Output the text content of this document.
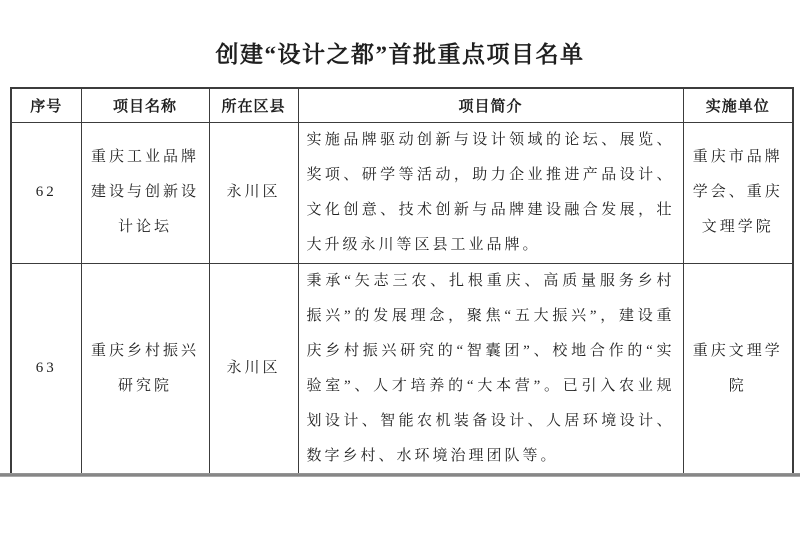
创建“设计之都”首批重点项目名单
序号	项目名称	所在区县	项目简介	实施单位
62	重庆工业品牌建设与创新设计论坛	永川区	实施品牌驱动创新与设计领域的论坛、展览、奖项、研学等活动，助力企业推进产品设计、文化创意、技术创新与品牌建设融合发展，壮大升级永川等区县工业品牌。	重庆市品牌学会、重庆文理学院
63	重庆乡村振兴研究院	永川区	秉承“矢志三农、扎根重庆、高质量服务乡村振兴”的发展理念，聚焦“五大振兴”，建设重庆乡村振兴研究的“智囊团”、校地合作的“实验室”、人才培养的“大本营”。已引入农业规划设计、智能农机装备设计、人居环境设计、数字乡村、水环境治理团队等。	重庆文理学院
